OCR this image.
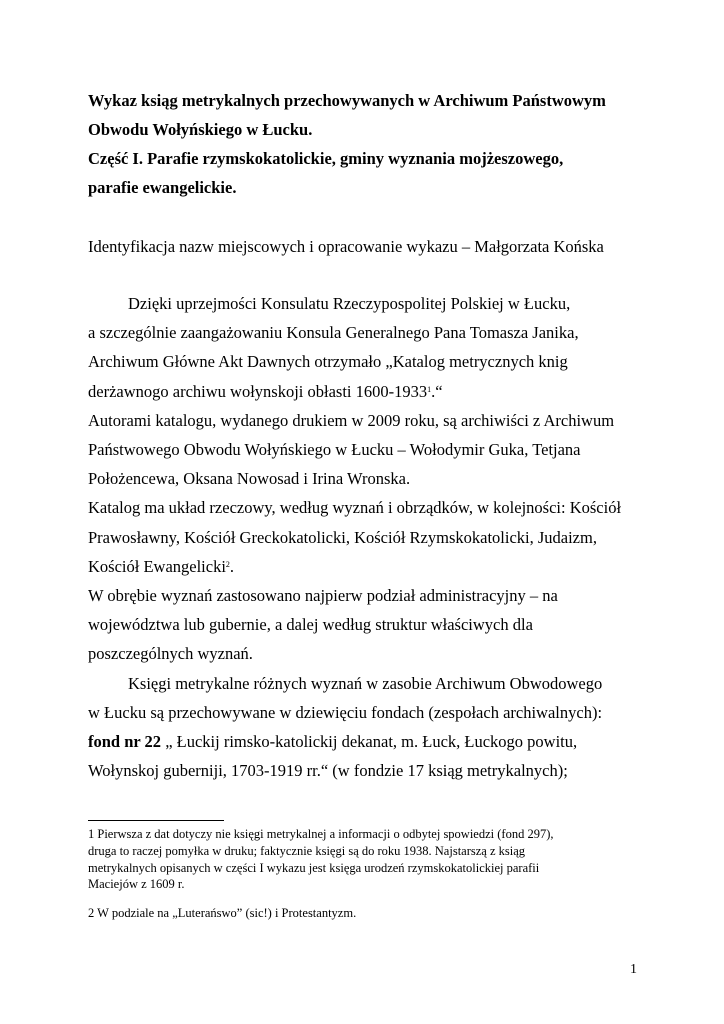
Wykaz ksiąg metrykalnych przechowywanych w Archiwum Państwowym
Obwodu Wołyńskiego w Łucku.
Część I. Parafie rzymskokatolickie, gminy wyznania mojżeszowego,
parafie ewangelickie.
Identyfikacja nazw miejscowych i opracowanie wykazu – Małgorzata Końska
Dzięki uprzejmości Konsulatu Rzeczypospolitej Polskiej w Łucku,
a szczególnie zaangażowaniu Konsula Generalnego Pana Tomasza Janika,
Archiwum Główne Akt Dawnych otrzymało „Katalog metrycznych knig
derżawnogo archiwu wołynskoji obłasti 1600-1933$^1$.“
Autorami katalogu, wydanego drukiem w 2009 roku, są archiwiści z Archiwum
Państwowego Obwodu Wołyńskiego w Łucku – Wołodymir Guka, Tetjana
Położencewa, Oksana Nowosad i Irina Wronska.
Katalog ma układ rzeczowy, według wyznań i obrządków, w kolejności: Kościół
Prawosławny, Kościół Greckokatolicki, Kościół Rzymskokatolicki, Judaizm,
Kościół Ewangelicki$^2$.
W obrębie wyznań zastosowano najpierw podział administracyjny – na
województwa lub gubernie, a dalej według struktur właściwych dla
poszczególnych wyznań.
Księgi metrykalne różnych wyznań w zasobie Archiwum Obwodowego
w Łucku są przechowywane w dziewięciu fondach (zespołach archiwalnych):
fond nr 22 „ Łuckij rimsko-katolickij dekanat, m. Łuck, Łuckogo powitu,
Wołynskoj guberniji, 1703-1919 rr.“ (w fondzie 17 ksiąg metrykalnych);
1 Pierwsza z dat dotyczy nie księgi metrykalnej a informacji o odbytej spowiedzi (fond 297),
druga to raczej pomyłka w druku; faktycznie księgi są do roku 1938. Najstarszą z ksiąg
metrykalnych opisanych w części I wykazu jest księga urodzeń rzymskokatolickiej parafii
Maciejów z 1609 r.
2 W podziale na „Luterańswo” (sic!) i Protestantyzm.
1
